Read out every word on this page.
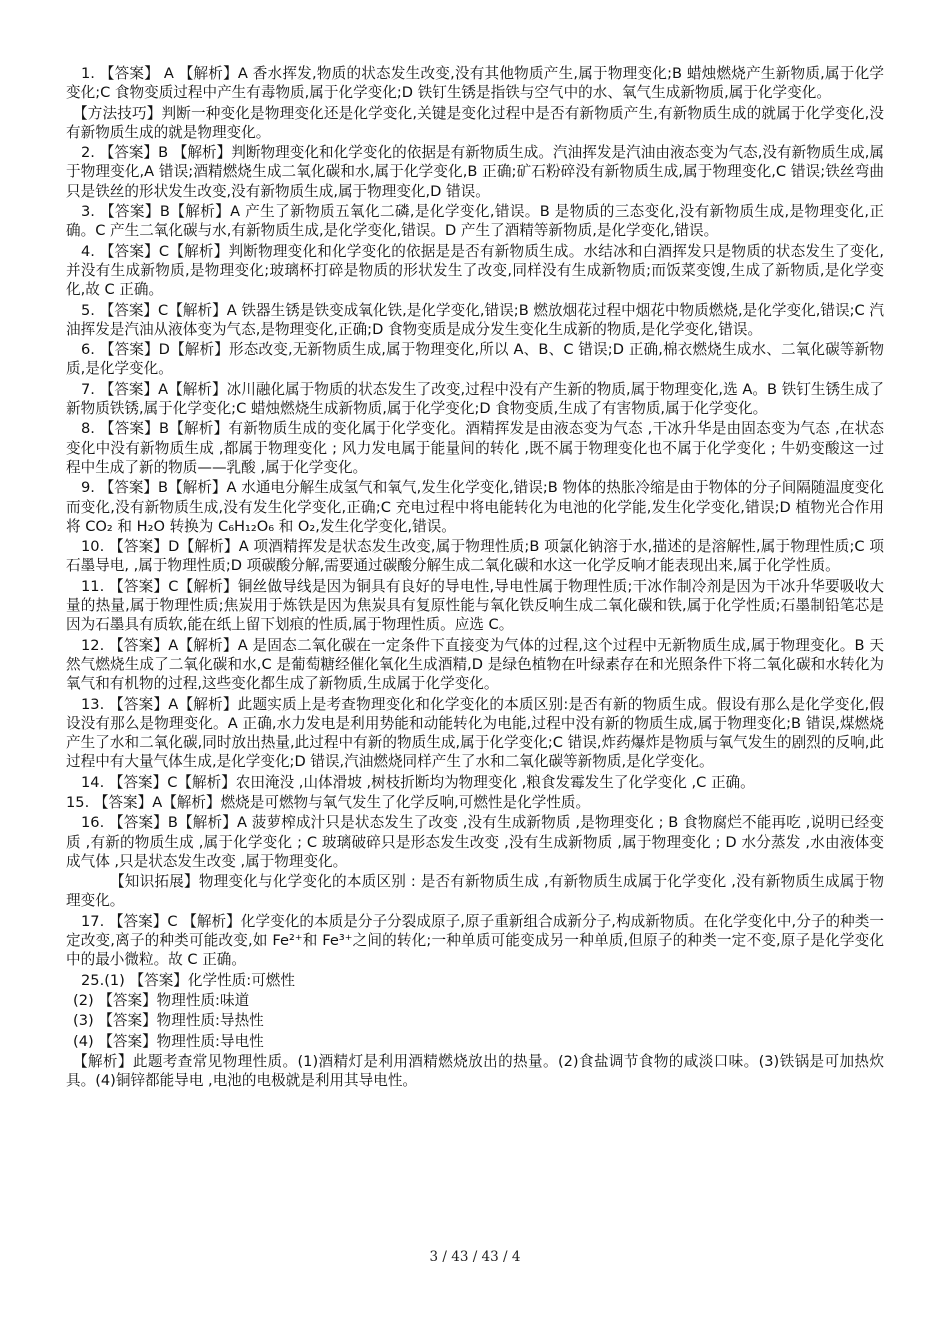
1. 【答案】 A 【解析】A 香水挥发,物质的状态发生改变,没有其他物质产生,属于物理变化;B 蜡烛燃烧产生新物质,属于化学变化;C 食物变质过程中产生有毒物质,属于化学变化;D 铁钉生锈是指铁与空气中的水、氧气生成新物质,属于化学变化。

【方法技巧】判断一种变化是物理变化还是化学变化,关键是变化过程中是否有新物质产生,有新物质生成的就属于化学变化,没有新物质生成的就是物理变化。

2. 【答案】B 【解析】判断物理变化和化学变化的依据是有新物质生成。汽油挥发是汽油由液态变为气态,没有新物质生成,属于物理变化,A 错误;酒精燃烧生成二氧化碳和水,属于化学变化,B 正确;矿石粉碎没有新物质生成,属于物理变化,C 错误;铁丝弯曲只是铁丝的形状发生改变,没有新物质生成,属于物理变化,D 错误。

3. 【答案】B【解析】A 产生了新物质五氧化二磷,是化学变化,错误。B 是物质的三态变化,没有新物质生成,是物理变化,正确。C 产生二氧化碳与水,有新物质生成,是化学变化,错误。D 产生了酒精等新物质,是化学变化,错误。

4. 【答案】C【解析】判断物理变化和化学变化的依据是是否有新物质生成。水结冰和白酒挥发只是物质的状态发生了变化,并没有生成新物质,是物理变化;玻璃杯打碎是物质的形状发生了改变,同样没有生成新物质;而饭菜变馊,生成了新物质,是化学变化,故 C 正确。

5. 【答案】C【解析】A 铁器生锈是铁变成氧化铁,是化学变化,错误;B 燃放烟花过程中烟花中物质燃烧,是化学变化,错误;C 汽油挥发是汽油从液体变为气态,是物理变化,正确;D 食物变质是成分发生变化生成新的物质,是化学变化,错误。

6. 【答案】D【解析】形态改变,无新物质生成,属于物理变化,所以 A、B、C 错误;D 正确,棉衣燃烧生成水、二氧化碳等新物质,是化学变化。

7. 【答案】A【解析】冰川融化属于物质的状态发生了改变,过程中没有产生新的物质,属于物理变化,选 A。B 铁钉生锈生成了新物质铁锈,属于化学变化;C 蜡烛燃烧生成新物质,属于化学变化;D 食物变质,生成了有害物质,属于化学变化。

8. 【答案】B【解析】有新物质生成的变化属于化学变化。酒精挥发是由液态变为气态 ,干冰升华是由固态变为气态 ,在状态变化中没有新物质生成 ,都属于物理变化 ; 风力发电属于能量间的转化 ,既不属于物理变化也不属于化学变化 ; 牛奶变酸这一过程中生成了新的物质——乳酸 ,属于化学变化。

9. 【答案】B【解析】A 水通电分解生成氢气和氧气,发生化学变化,错误;B 物体的热胀冷缩是由于物体的分子间隔随温度变化而变化,没有新物质生成,没有发生化学变化,正确;C 充电过程中将电能转化为电池的化学能,发生化学变化,错误;D 植物光合作用将 CO₂ 和 H₂O 转换为 C₆H₁₂O₆ 和 O₂,发生化学变化,错误。

10. 【答案】D【解析】A 项酒精挥发是状态发生改变,属于物理性质;B 项氯化钠溶于水,描述的是溶解性,属于物理性质;C 项石墨导电, ,属于物理性质;D 项碳酸分解,需要通过碳酸分解生成二氧化碳和水这一化学反响才能表现出来,属于化学性质。

11. 【答案】C【解析】铜丝做导线是因为铜具有良好的导电性,导电性属于物理性质;干冰作制冷剂是因为干冰升华要吸收大量的热量,属于物理性质;焦炭用于炼铁是因为焦炭具有复原性能与氧化铁反响生成二氧化碳和铁,属于化学性质;石墨制铅笔芯是因为石墨具有质软,能在纸上留下划痕的性质,属于物理性质。应选 C。

12. 【答案】A【解析】A 是固态二氧化碳在一定条件下直接变为气体的过程,这个过程中无新物质生成,属于物理变化。B 天然气燃烧生成了二氧化碳和水,C 是葡萄糖经催化氧化生成酒精,D 是绿色植物在叶绿素存在和光照条件下将二氧化碳和水转化为氧气和有机物的过程,这些变化都生成了新物质,生成属于化学变化。

13. 【答案】A【解析】此题实质上是考查物理变化和化学变化的本质区别:是否有新的物质生成。假设有那么是化学变化,假设没有那么是物理变化。A 正确,水力发电是利用势能和动能转化为电能,过程中没有新的物质生成,属于物理变化;B 错误,煤燃烧产生了水和二氧化碳,同时放出热量,此过程中有新的物质生成,属于化学变化;C 错误,炸药爆炸是物质与氧气发生的剧烈的反响,此过程中有大量气体生成,是化学变化;D 错误,汽油燃烧同样产生了水和二氧化碳等新物质,是化学变化。

14. 【答案】C【解析】农田淹没 ,山体滑坡 ,树枝折断均为物理变化 ,粮食发霉发生了化学变化 ,C 正确。

15. 【答案】A【解析】燃烧是可燃物与氧气发生了化学反响,可燃性是化学性质。

16. 【答案】B【解析】A 菠萝榨成汁只是状态发生了改变 ,没有生成新物质 ,是物理变化 ; B 食物腐烂不能再吃 ,说明已经变质 ,有新的物质生成 ,属于化学变化 ; C 玻璃破碎只是形态发生改变 ,没有生成新物质 ,属于物理变化 ; D 水分蒸发 ,水由液体变成气体 ,只是状态发生改变 ,属于物理变化。

【知识拓展】物理变化与化学变化的本质区别 : 是否有新物质生成 ,有新物质生成属于化学变化 ,没有新物质生成属于物理变化。

17. 【答案】C 【解析】化学变化的本质是分子分裂成原子,原子重新组合成新分子,构成新物质。在化学变化中,分子的种类一定改变,离子的种类可能改变,如 Fe²⁺和 Fe³⁺之间的转化;一种单质可能变成另一种单质,但原子的种类一定不变,原子是化学变化中的最小微粒。故 C 正确。

25.(1) 【答案】化学性质:可燃性

(2) 【答案】物理性质:味道

(3) 【答案】物理性质:导热性

(4) 【答案】物理性质:导电性

【解析】此题考查常见物理性质。(1)酒精灯是利用酒精燃烧放出的热量。(2)食盐调节食物的咸淡口味。(3)铁锅是可加热炊具。(4)铜锌都能导电 ,电池的电极就是利用其导电性。

3 / 43 / 43 / 4
